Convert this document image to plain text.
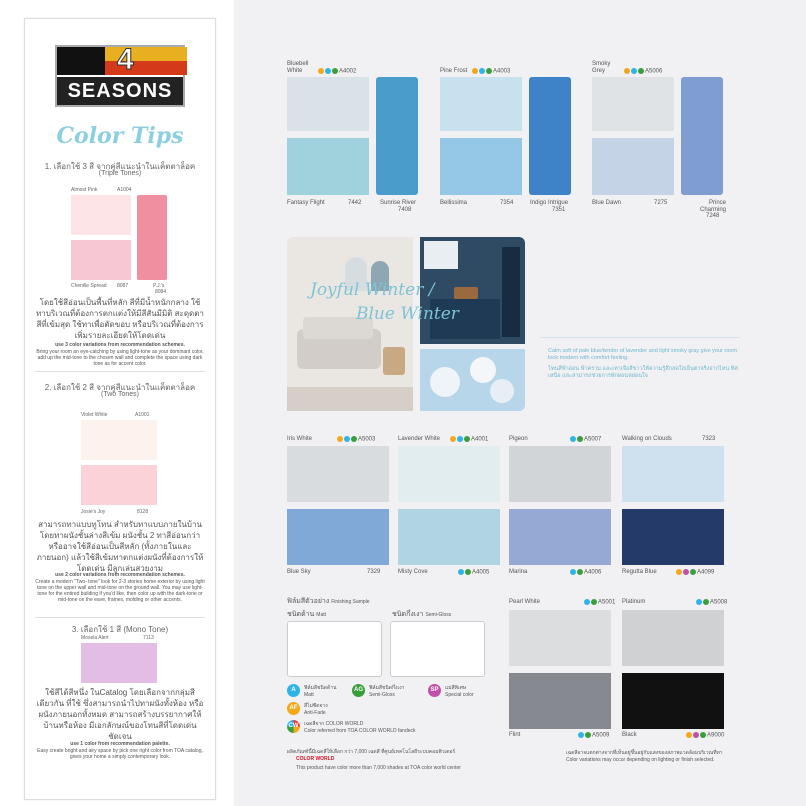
4
SEASONS
Color Tips
1. เลือกใช้ 3 สี จากคู่สีแนะนำในแค็ตตาล็อค
(Triple Tones)
Almost Pink	A1004
Chenille Spread 8087	P.J.'s
8084
โดยใช้สีอ่อนเป็นพื้นที่หลัก สีที่มีน้ำหนักกลาง ใช้ทาบริเวณที่ต้องการตกแต่งให้มีสีสันมีมิติ สะดุดตา สีที่เข้มสุด ใช้ทาเพื่อตัดขอบ หรือบริเวณที่ต้องการเพิ่มรายละเอียดให้โดดเด่น
use 3 color variations from recommendation schemes.
Bring your room an eye-catching by using light-tone as your dominant color, add up the mid-tone to the chosen wall and complete the space using dark tone as for accent color.
2. เลือกใช้ 2 สี จากคู่สีแนะนำในแค็ตตาล็อค
(Two Tones)
Violet White	A1001
Josie's Joy	8128
สามารถทาแบบทูโทน สำหรับทาแบบภายในบ้าน โดยทาผนังชั้นล่างสีเข้ม ผนังชั้น 2 ทาสีอ่อนกว่า หรืออาจใช้สีอ่อนเป็นสีหลัก (ทั้งภายในและภายนอก) แล้วใช้สีเข้มทาตกแต่งผนังที่ต้องการให้โดดเด่น มีลูกเล่นสวยงาม
use 2 color variations from recommendation schemes.
Create a modern "Two- tone" look for 2-3 stories home exterior by using light tone on the upper wall and mid-tone on the ground wall. You may use light-tone for the entired building if you'd like, then color up with the dark-tone or mid-tone on the eave, frames, molding or other accents.
3. เลือกใช้ 1 สี (Mono Tone)
Mosela Alert	7113
ใช้สีได้สีหนึ่ง ในCatalog โดยเลือกจากกลุ่มสีเดียวกัน ที่ใช้ ซึ่งสามารถนำไปทาผนังทั้งห้อง หรือผนังภายนอกทั้งหมด สามารถสร้างบรรยากาศให้บ้านหรือห้อง มีเอกลักษณ์ของโทนสีที่โดดเด่น ชัดเจน
use 1 color from recommendation palette.
Easy create bright and airy space by pick one right color from TOA catalog, gives your home a simply contemporary look.
Bluebell White	A4002
Fantasy Flight	7442	Sunrise River
7408
Pine Frost	A4003
Bellissima	7354	Indigo Intrigue
7351
Smoky Grey	A5006
Blue Dawn	7275	Prince Charming
7248
Joyful Winter /
Blue Winter
Calm soft of pale blue/tender of lavender and light smoky gray give your room look modern with comfort feeling.
โทนสีฟ้าอ่อน ฟ้าคราม และเทาเจือสีขาวให้ความรู้สึกสดใสเย็นตาจริงจากไหน ทิศเหนือ และสามารถช่วยการพักผ่อนหย่อนใจ
Iris White	A5003
Blue Sky	7329
Lavender White	A4001
Misty Cove	A4005
Pigeon	A5007
Marina	A4006
Walking on Clouds	7323
Regutta Blue	A4099
ฟิล์มสีตัวอย่าง Finishing Sample
ชนิดด้าน Matt	ชนิดกึ่งเงา Semi-Gloss
A	ฟิล์มสีชนิดด้าน
Matt
AG	ฟิล์มสีชนิดกึ่งเงา
Semi-Gloss
SP	แม่สีพิเศษ
Special color
AF	สีไม่ซีดจาง
Anti-Fade
CW	เฉดสีจาก COLOR WORLD
Color referred from TOA COLOR WORLD fandeck
ผลิตภัณฑ์นี้มีเฉดสีให้เลือก กว่า 7,000 เฉดสี ที่ศูนย์เทคโนโลยีระบบคอมพิวเตอร์
COLOR WORLD
This product have color more than 7,000 shades at TOA color world center
Pearl White	A5001
Flint	A5009
Platinum	A5008
Black	A9000
เฉดสีอาจแตกต่างจากที่เห็นอยู่ขึ้นอยู่กับแสงของสภาพแวดล้อมบริเวณที่ทา
Color variations may occur depending on lighting or finish selected.
